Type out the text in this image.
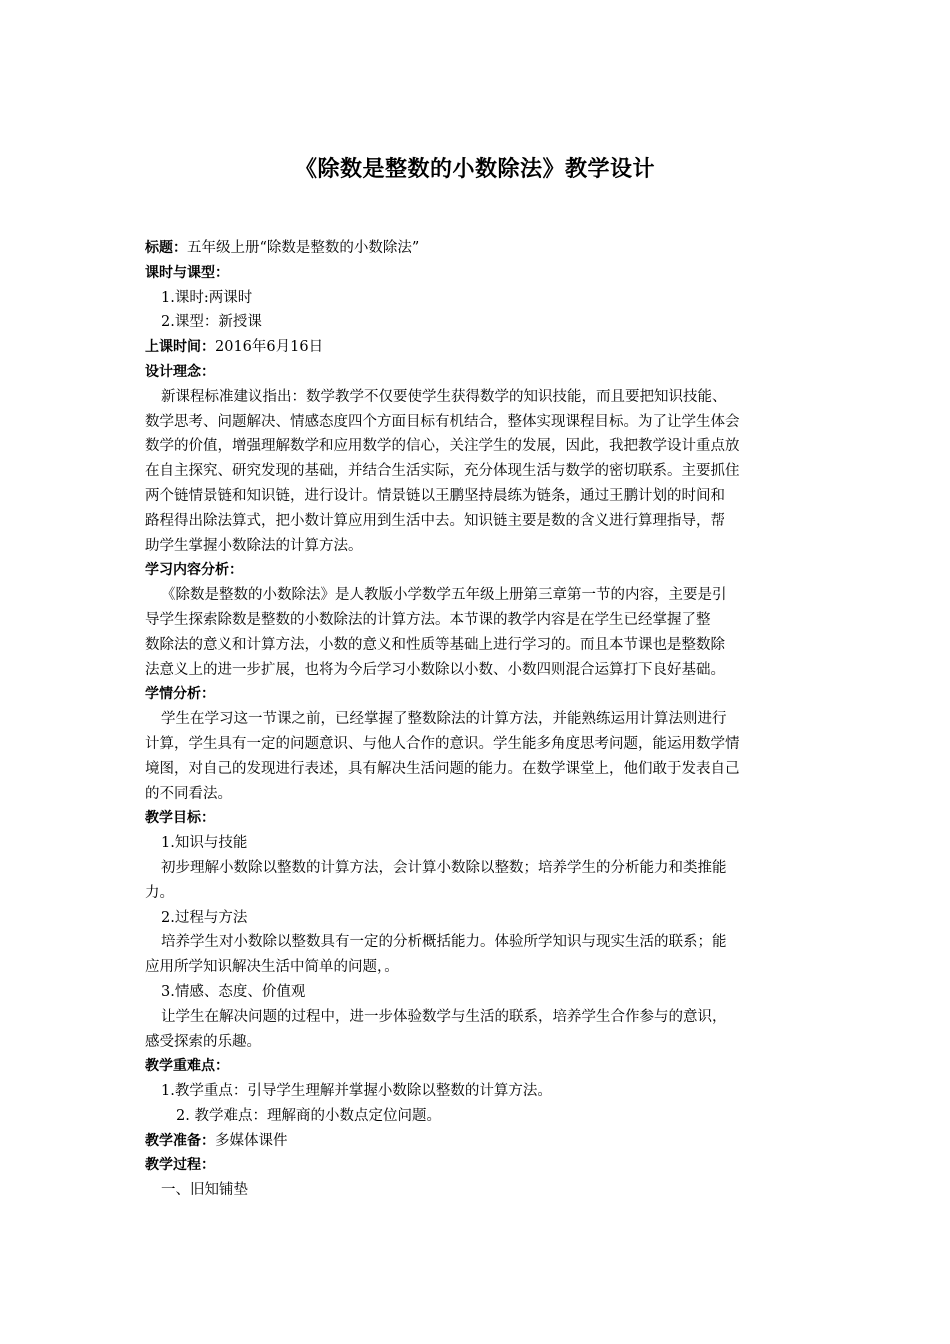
《除数是整数的小数除法》教学设计
标题：五年级上册“除数是整数的小数除法”
课时与课型：
1.课时:两课时
2.课型：新授课
上课时间：2016年6月16日
设计理念：
新课程标准建议指出：数学教学不仅要使学生获得数学的知识技能，而且要把知识技能、
数学思考、问题解决、情感态度四个方面目标有机结合，整体实现课程目标。为了让学生体会
数学的价值，增强理解数学和应用数学的信心，关注学生的发展，因此，我把教学设计重点放
在自主探究、研究发现的基础，并结合生活实际，充分体现生活与数学的密切联系。主要抓住
两个链情景链和知识链，进行设计。情景链以王鹏坚持晨练为链条，通过王鹏计划的时间和
路程得出除法算式，把小数计算应用到生活中去。知识链主要是数的含义进行算理指导，帮
助学生掌握小数除法的计算方法。
学习内容分析：
《除数是整数的小数除法》是人教版小学数学五年级上册第三章第一节的内容，主要是引
导学生探索除数是整数的小数除法的计算方法。本节课的教学内容是在学生已经掌握了整
数除法的意义和计算方法，小数的意义和性质等基础上进行学习的。而且本节课也是整数除
法意义上的进一步扩展，也将为今后学习小数除以小数、小数四则混合运算打下良好基础。
学情分析：
学生在学习这一节课之前，已经掌握了整数除法的计算方法，并能熟练运用计算法则进行
计算，学生具有一定的问题意识、与他人合作的意识。学生能多角度思考问题，能运用数学情
境图，对自己的发现进行表述，具有解决生活问题的能力。在数学课堂上，他们敢于发表自己
的不同看法。
教学目标：
1.知识与技能
初步理解小数除以整数的计算方法，会计算小数除以整数；培养学生的分析能力和类推能
力。
2.过程与方法
培养学生对小数除以整数具有一定的分析概括能力。体验所学知识与现实生活的联系；能
应用所学知识解决生活中简单的问题，。
3.情感、态度、价值观
让学生在解决问题的过程中，进一步体验数学与生活的联系，培养学生合作参与的意识，
感受探索的乐趣。
教学重难点：
1.教学重点：引导学生理解并掌握小数除以整数的计算方法。
2. 教学难点：理解商的小数点定位问题。
教学准备：多媒体课件
教学过程：
一、旧知铺垫
